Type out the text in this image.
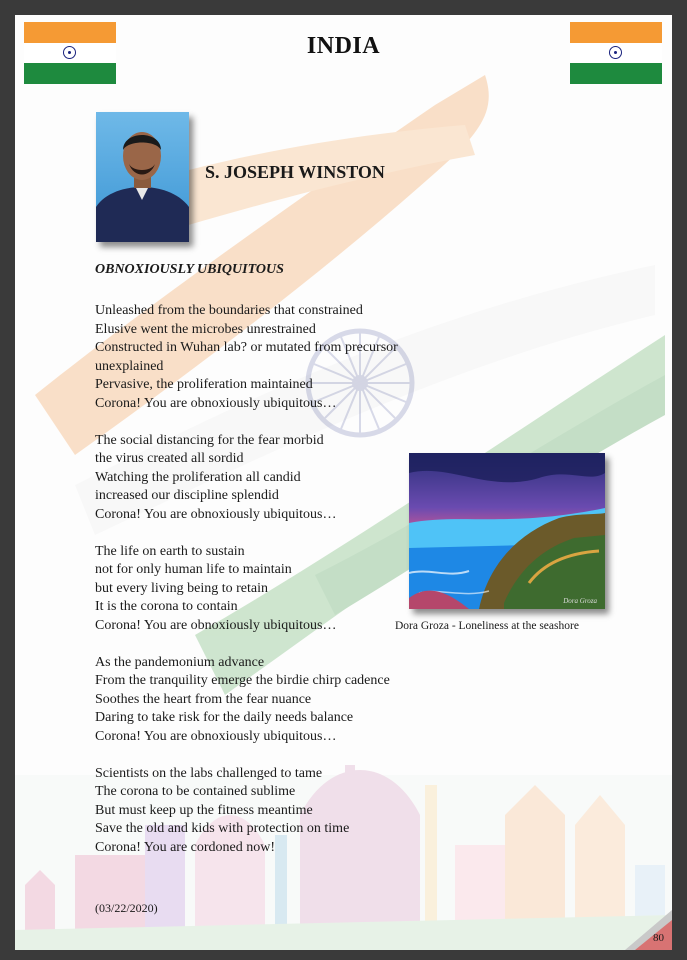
INDIA
S. JOSEPH WINSTON
OBNOXIOUSLY UBIQUITOUS
Unleashed from the boundaries that constrained
Elusive went the microbes unrestrained
Constructed in Wuhan lab? or mutated from precursor
unexplained
Pervasive, the proliferation maintained
Corona! You are obnoxiously ubiquitous…
The social distancing for the fear morbid
the virus created all sordid
Watching the proliferation all candid
increased our discipline splendid
Corona! You are obnoxiously ubiquitous…
The life on earth to sustain
not for only human life to maintain
but every living being to retain
It is the corona to contain
Corona! You are obnoxiously ubiquitous…
As the pandemonium advance
From the tranquility emerge the birdie chirp cadence
Soothes the heart from the fear nuance
Daring to take risk for the daily needs balance
Corona! You are obnoxiously ubiquitous…
Scientists on the labs challenged to tame
The corona to be contained sublime
But must keep up the fitness meantime
Save the old and kids with protection on time
Corona! You are cordoned now!
Dora Groza
Dora Groza - Loneliness at the seashore
(03/22/2020)
80
